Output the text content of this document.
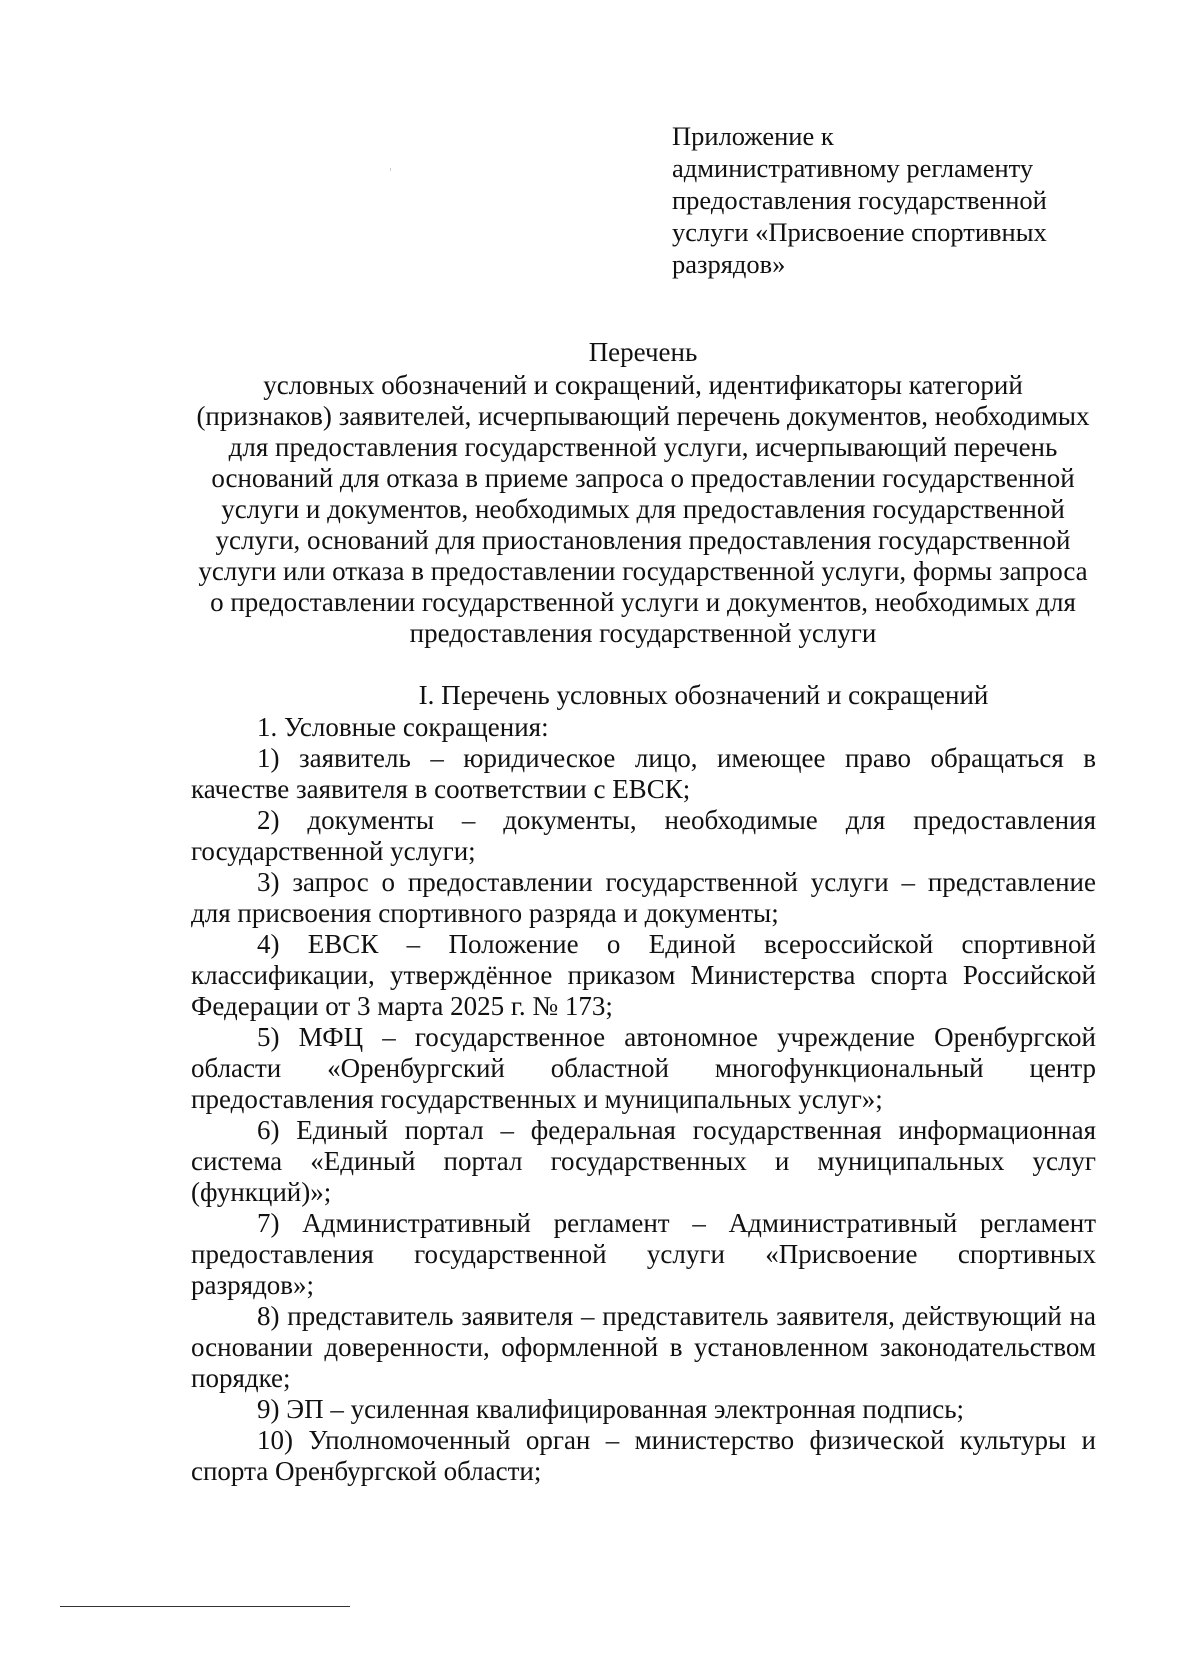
Приложение к
административному регламенту
предоставления государственной
услуги «Присвоение спортивных
разрядов»
Перечень
условных обозначений и сокращений, идентификаторы категорий
(признаков) заявителей, исчерпывающий перечень документов, необходимых
для предоставления государственной услуги, исчерпывающий перечень
оснований для отказа в приеме запроса о предоставлении государственной
услуги и документов, необходимых для предоставления государственной
услуги, оснований для приостановления предоставления государственной
услуги или отказа в предоставлении государственной услуги, формы запроса
о предоставлении государственной услуги и документов, необходимых для
предоставления государственной услуги
I. Перечень условных обозначений и сокращений
1. Условные сокращения:
1) заявитель – юридическое лицо, имеющее право обращаться в
качестве заявителя в соответствии с ЕВСК;
2) документы – документы, необходимые для предоставления
государственной услуги;
3) запрос о предоставлении государственной услуги – представление
для присвоения спортивного разряда и документы;
4) ЕВСК – Положение о Единой всероссийской спортивной
классификации, утверждённое приказом Министерства спорта Российской
Федерации от 3 марта 2025 г. № 173;
5) МФЦ – государственное автономное учреждение Оренбургской
области «Оренбургский областной многофункциональный центр
предоставления государственных и муниципальных услуг»;
6) Единый портал – федеральная государственная информационная
система «Единый портал государственных и муниципальных услуг
(функций)»;
7) Административный регламент – Административный регламент
предоставления государственной услуги «Присвоение спортивных
разрядов»;
8) представитель заявителя – представитель заявителя, действующий на
основании доверенности, оформленной в установленном законодательством
порядке;
9) ЭП – усиленная квалифицированная электронная подпись;
10) Уполномоченный орган – министерство физической культуры и
спорта Оренбургской области;
